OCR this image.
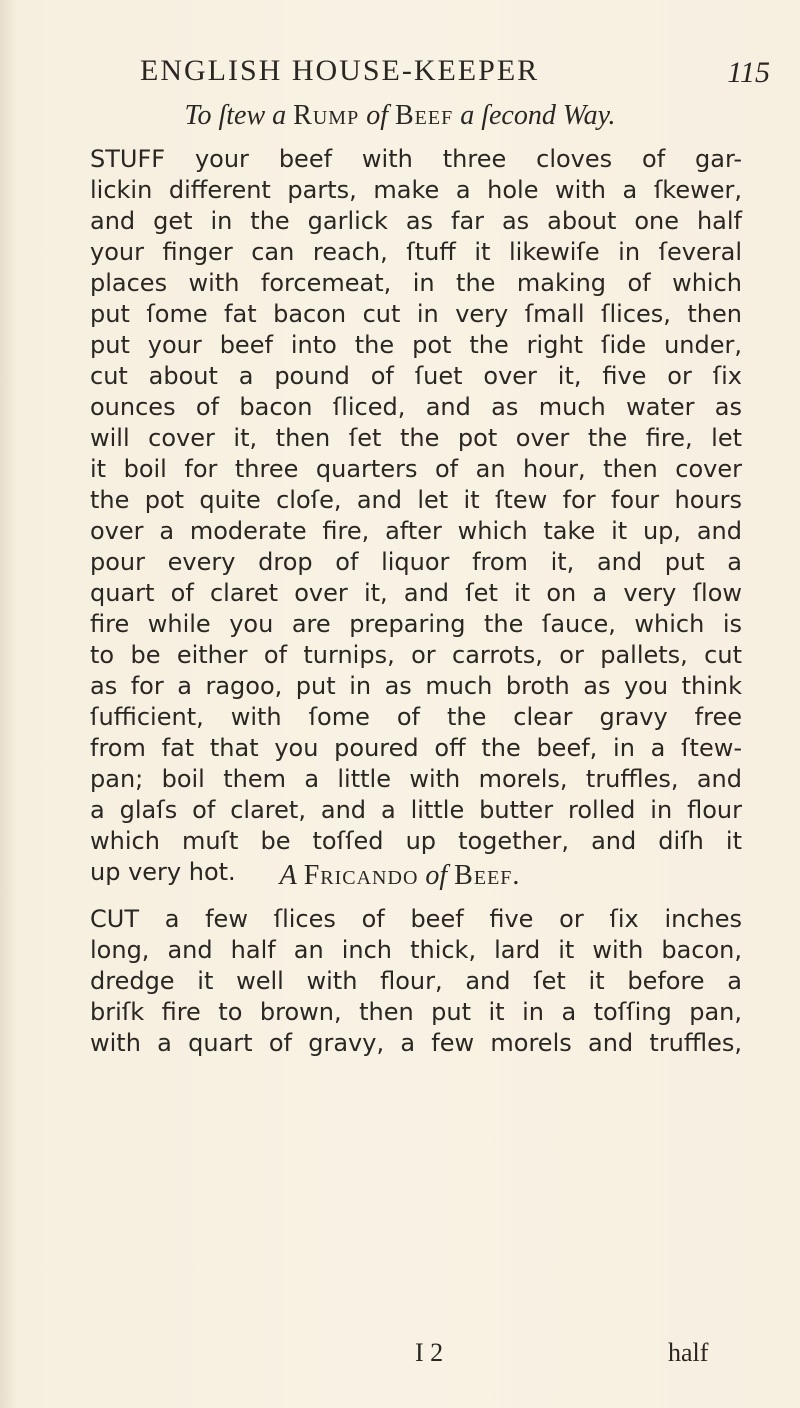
ENGLISH HOUSE-KEEPER	115
To ſtew a Rump of Beef a ſecond Way.
STUFF your beef with three cloves of gar-
lickin different parts, make a hole with a ſkewer,
and get in the garlick as far as about one half
your finger can reach, ſtuff it likewiſe in ſeveral
places with forcemeat, in the making of which
put ſome fat bacon cut in very ſmall ſlices, then
put your beef into the pot the right ſide under,
cut about a pound of ſuet over it, five or ſix
ounces of bacon ſliced, and as much water as
will cover it, then ſet the pot over the fire, let
it boil for three quarters of an hour, then cover
the pot quite cloſe, and let it ſtew for four hours
over a moderate fire, after which take it up, and
pour every drop of liquor from it, and put a
quart of claret over it, and ſet it on a very ſlow
fire while you are preparing the ſauce, which is
to be either of turnips, or carrots, or pallets, cut
as for a ragoo, put in as much broth as you think
ſufficient, with ſome of the clear gravy free
from fat that you poured off the beef, in a ſtew-
pan; boil them a little with morels, truffles, and
a glaſs of claret, and a little butter rolled in flour
which muſt be toſſed up together, and diſh it
up very hot.	A Fricando of Beef.
CUT a few ſlices of beef five or ſix inches
long, and half an inch thick, lard it with bacon,
dredge it well with flour, and ſet it before a
briſk fire to brown, then put it in a toſſing pan,
with a quart of gravy, a few morels and truffles,
I 2	half
